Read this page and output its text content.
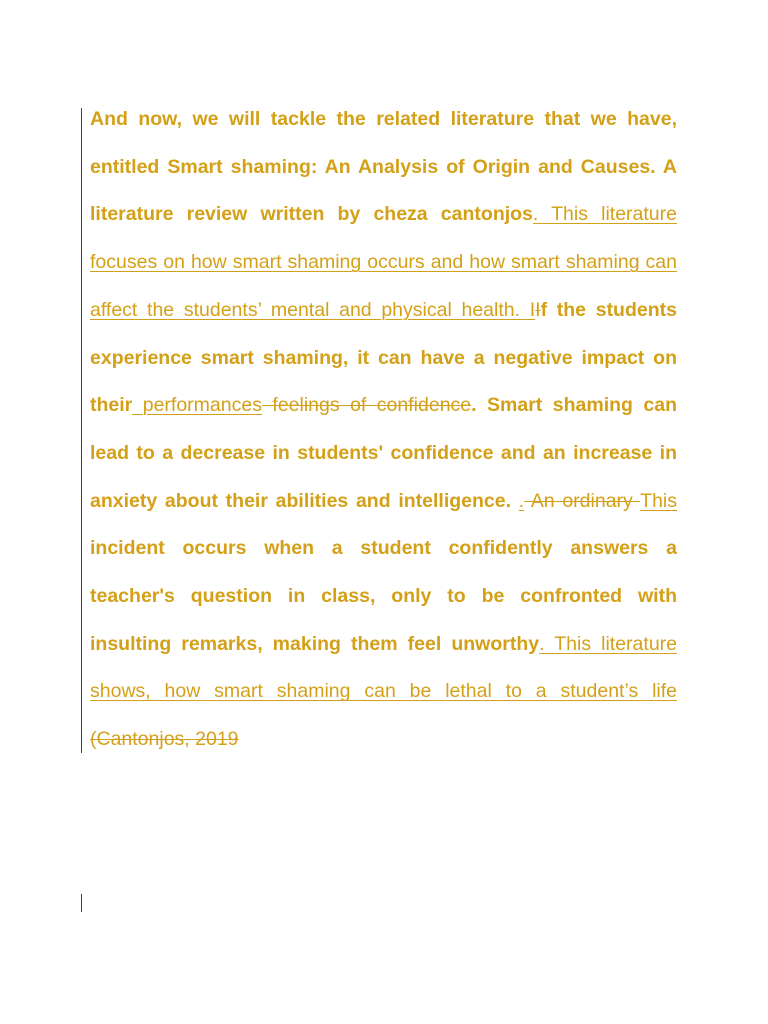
And now, we will tackle the related literature that we have, entitled Smart shaming: An Analysis of Origin and Causes. A literature review written by cheza cantonjos. This literature focuses on how smart shaming occurs and how smart shaming can affect the students’ mental and physical health. IIf the students experience smart shaming, it can have a negative impact on their performances feelings of confidence. Smart shaming can lead to a decrease in students' confidence and an increase in anxiety about their abilities and intelligence. . An ordinary This incident occurs when a student confidently answers a teacher's question in class, only to be confronted with insulting remarks, making them feel unworthy. This literature shows, how smart shaming can be lethal to a student’s life (Cantonjos, 2019
